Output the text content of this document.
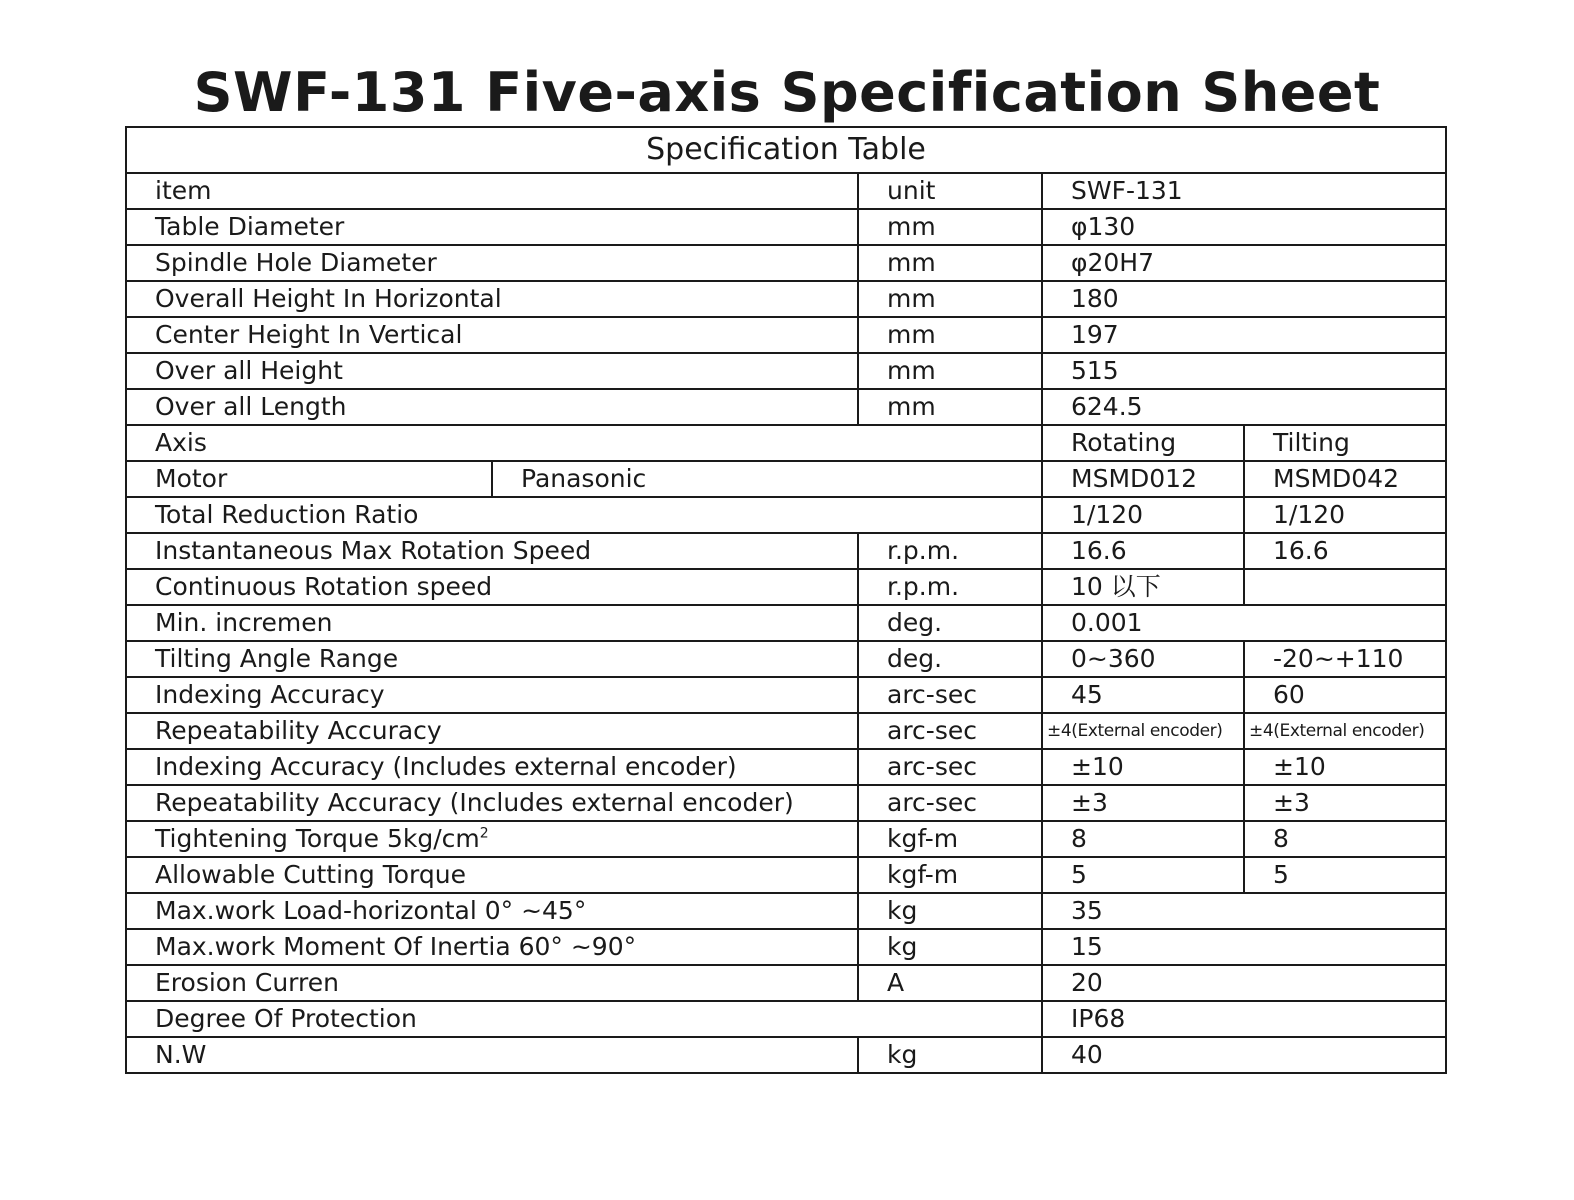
SWF-131 Five-axis Specification Sheet
Specification Table				
item		unit	SWF-131	
Table Diameter		mm	φ130	
Spindle Hole Diameter		mm	φ20H7	
Overall Height In Horizontal		mm	180	
Center Height In Vertical		mm	197	
Over all Height		mm	515	
Over all Length		mm	624.5	
Axis			Rotating	Tilting
Motor	Panasonic		MSMD012	MSMD042
Total Reduction Ratio			1/120	1/120
Instantaneous Max Rotation Speed		r.p.m.	16.6	16.6
Continuous Rotation speed		r.p.m.	10 以下	
Min. incremen		deg.	0.001	
Tilting Angle Range		deg.	0~360	-20~+110
Indexing Accuracy		arc-sec	45	60
Repeatability Accuracy		arc-sec	±4(External encoder)	±4(External encoder)
Indexing Accuracy (Includes external encoder)		arc-sec	±10	±10
Repeatability Accuracy (Includes external encoder)		arc-sec	±3	±3
Tightening Torque $5kg/cm^2$		kgf-m	8	8
Allowable Cutting Torque		kgf-m	5	5
Max.work Load-horizontal 0° ~45°		kg	35	
Max.work Moment Of Inertia 60° ~90°		kg	15	
Erosion Curren		A	20	
Degree Of Protection			IP68	
N.W		kg	40	
